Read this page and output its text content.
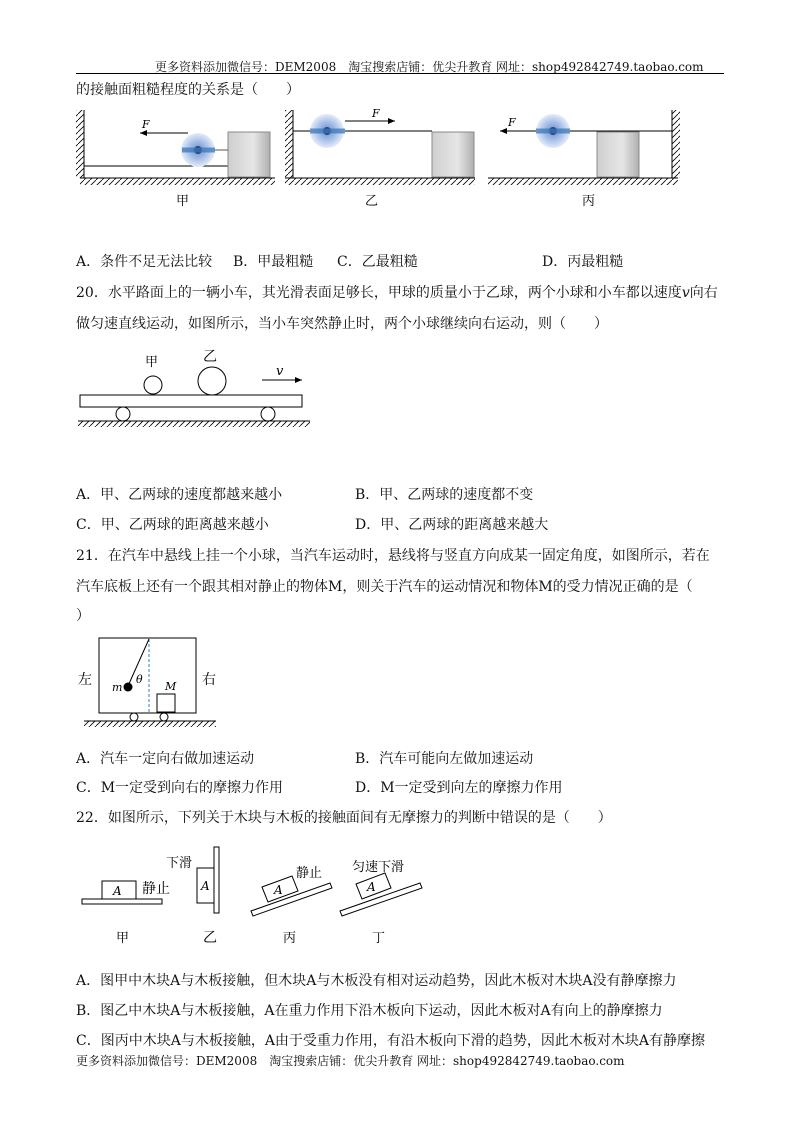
更多资料添加微信号：DEM2008　淘宝搜索店铺：优尖升教育 网址：shop492842749.taobao.com
的接触面粗糙程度的关系是（　　）
F
F
F
甲	乙	丙
A．条件不足无法比较 B．甲最粗糙 C．乙最粗糙	D．丙最粗糙
20．水平路面上的一辆小车，其光滑表面足够长，甲球的质量小于乙球，两个小球和小车都以速度v向右
做匀速直线运动，如图所示，当小车突然静止时，两个小球继续向右运动，则（　　）
甲	乙
v
A．甲、乙两球的速度都越来越小	B．甲、乙两球的速度都不变
C．甲、乙两球的距离越来越小	D．甲、乙两球的距离越来越大
21．在汽车中悬线上挂一个小球，当汽车运动时，悬线将与竖直方向成某一固定角度，如图所示，若在
汽车底板上还有一个跟其相对静止的物体M，则关于汽车的运动情况和物体M的受力情况正确的是（
）
左	右
m
θ
M
A．汽车一定向右做加速运动	B．汽车可能向左做加速运动
C．M一定受到向右的摩擦力作用	D．M一定受到向左的摩擦力作用
22．如图所示，下列关于木块与木板的接触面间有无摩擦力的判断中错误的是（　　）
A 静止
下滑
A
静止
A
匀速下滑
A
甲	乙	丙	丁
A．图甲中木块A与木板接触，但木块A与木板没有相对运动趋势，因此木板对木块A没有静摩擦力
B．图乙中木块A与木板接触，A在重力作用下沿木板向下运动，因此木板对A有向上的静摩擦力
C．图丙中木块A与木板接触，A由于受重力作用，有沿木板向下滑的趋势，因此木板对木块A有静摩擦
更多资料添加微信号：DEM2008　淘宝搜索店铺：优尖升教育 网址：shop492842749.taobao.com
